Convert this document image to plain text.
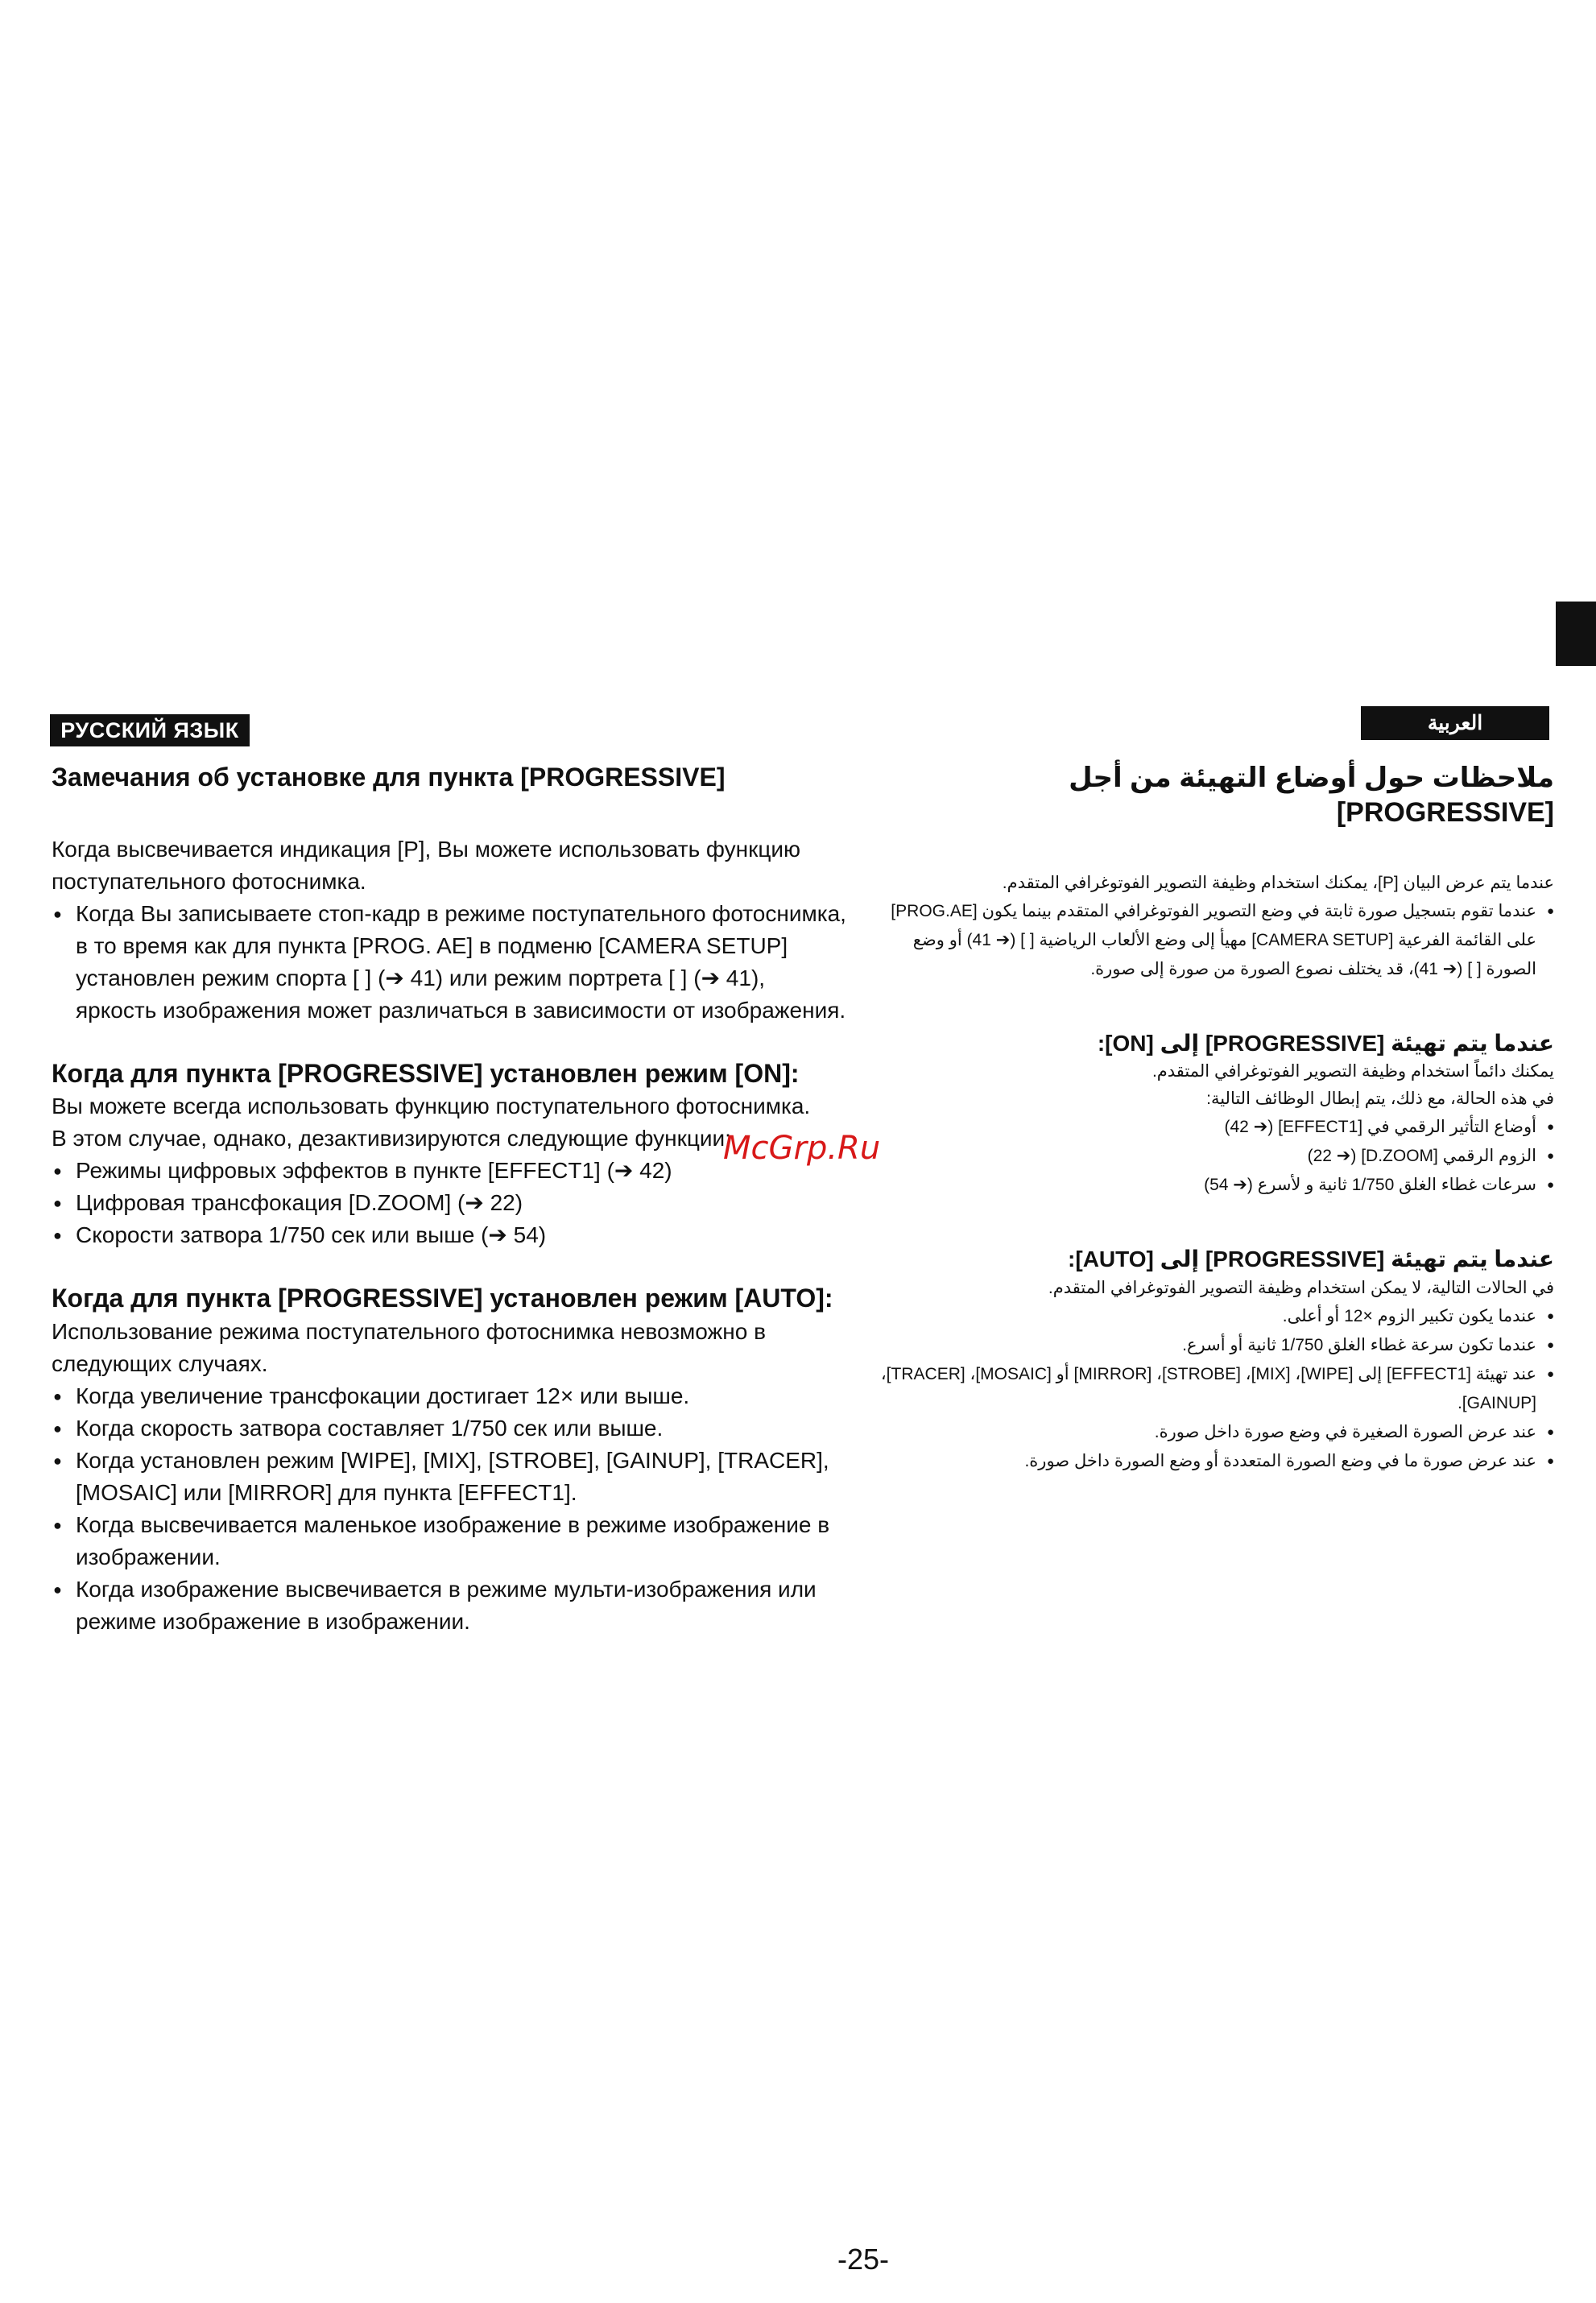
РУССКИЙ ЯЗЫК
Замечания об установке для пункта [PROGRESSIVE]

Когда высвечивается индикация [P], Вы можете использовать функцию поступательного фотоснимка.

● Когда Вы записываете стоп-кадр в режиме поступательного фотоснимка, в то время как для пункта [PROG. AE] в подменю [CAMERA SETUP] установлен режим спорта [ ] (➔ 41) или режим портрета [ ] (➔ 41), яркость изображения может различаться в зависимости от изображения.
Когда для пункта [PROGRESSIVE] установлен режим [ON]:

Вы можете всегда использовать функцию поступательного фотоснимка.

В этом случае, однако, дезактивизируются следующие функции:

● Режимы цифровых эффектов в пункте [EFFECT1] (➔ 42)
● Цифровая трансфокация [D.ZOOM] (➔ 22)
● Скорости затвора 1/750 сек или выше (➔ 54)
Когда для пункта [PROGRESSIVE] установлен режим [AUTO]:

Использование режима поступательного фотоснимка невозможно в следующих случаях.

● Когда увеличение трансфокации достигает 12× или выше.
● Когда скорость затвора составляет 1/750 сек или выше.
● Когда установлен режим [WIPE], [MIX], [STROBE], [GAINUP], [TRACER], [MOSAIC] или [MIRROR] для пункта [EFFECT1].
● Когда высвечивается маленькое изображение в режиме изображение в изображении.
● Когда изображение высвечивается в режиме мульти-изображения или режиме изображение в изображении.
العربية
ملاحظات حول أوضاع التهيئة من أجل [PROGRESSIVE]

عندما يتم عرض البيان [P]، يمكنك استخدام وظيفة التصوير الفوتوغرافي المتقدم.

● عندما تقوم بتسجيل صورة ثابتة في وضع التصوير الفوتوغرافي المتقدم بينما يكون [PROG.AE] على القائمة الفرعية [CAMERA SETUP] مهيأ إلى وضع الألعاب الرياضية [ ] (➔ 41) أو وضع الصورة [ ] (➔ 41)، قد يختلف نصوع الصورة من صورة إلى صورة.
عندما يتم تهيئة [PROGRESSIVE] إلى [ON]:

يمكنك دائماً استخدام وظيفة التصوير الفوتوغرافي المتقدم.

في هذه الحالة، مع ذلك، يتم إبطال الوظائف التالية:

● أوضاع التأثير الرقمي في [EFFECT1] (➔ 42)
● الزوم الرقمي [D.ZOOM] (➔ 22)
● سرعات غطاء الغلق 1/750 ثانية و لأسرع (➔ 54)
عندما يتم تهيئة [PROGRESSIVE] إلى [AUTO]:

في الحالات التالية، لا يمكن استخدام وظيفة التصوير الفوتوغرافي المتقدم.

● عندما يكون تكبير الزوم ×12 أو أعلى.
● عندما تكون سرعة غطاء الغلق 1/750 ثانية أو أسرع.
● عند تهيئة [EFFECT1] إلى [WIPE]، [MIX]، [STROBE]، [MIRROR] أو [MOSAIC]، [TRACER]، [GAINUP].
● عند عرض الصورة الصغيرة في وضع صورة داخل صورة.
● عند عرض صورة ما في وضع الصورة المتعددة أو وضع الصورة داخل صورة.
McGrp.Ru
-25-
